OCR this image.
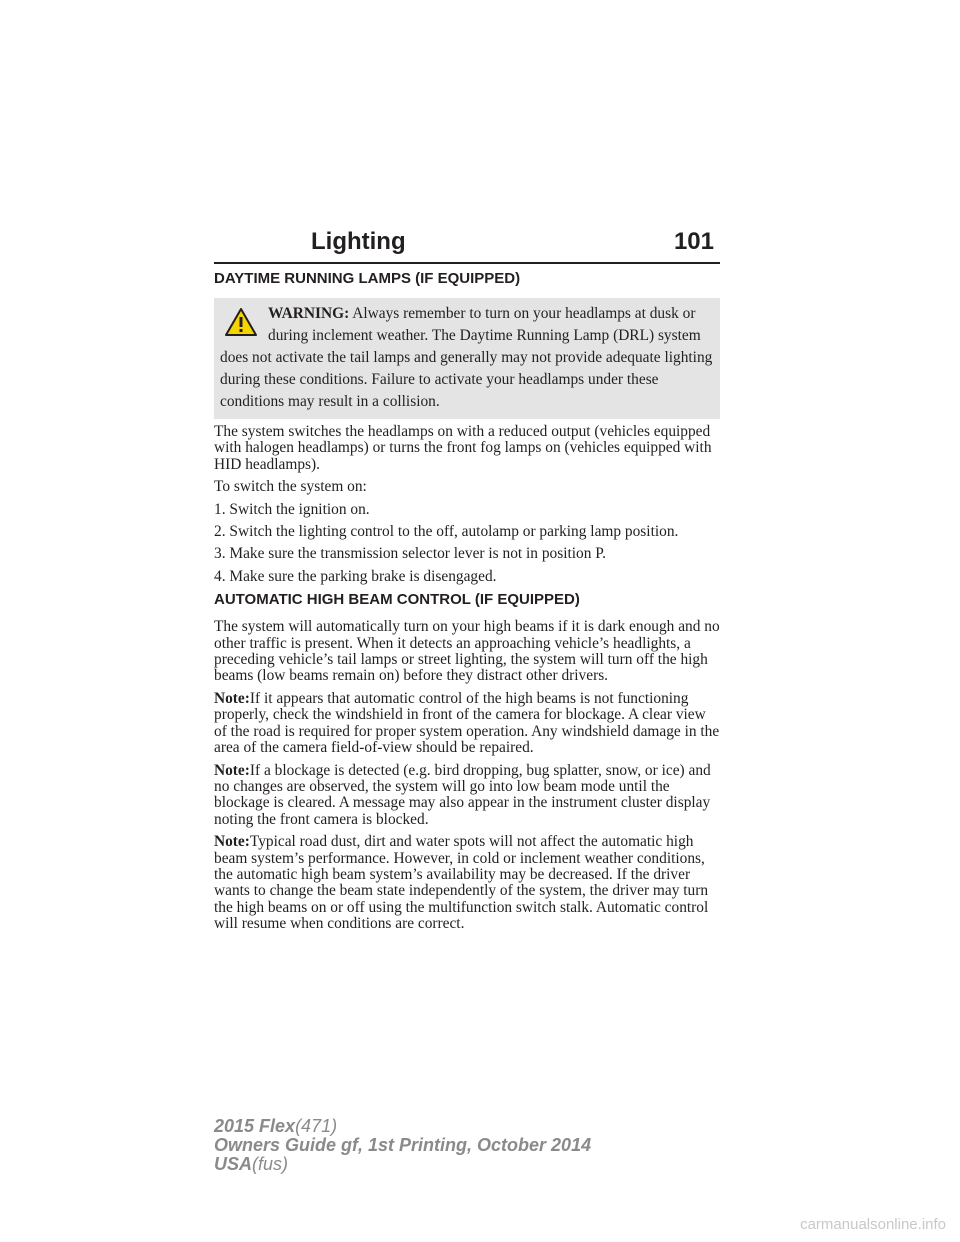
Lighting	101
DAYTIME RUNNING LAMPS (IF EQUIPPED)
WARNING: Always remember to turn on your headlamps at dusk or during inclement weather. The Daytime Running Lamp (DRL) system does not activate the tail lamps and generally may not provide adequate lighting during these conditions. Failure to activate your headlamps under these conditions may result in a collision.

The system switches the headlamps on with a reduced output (vehicles equipped with halogen headlamps) or turns the front fog lamps on (vehicles equipped with HID headlamps).

To switch the system on:

1. Switch the ignition on.

2. Switch the lighting control to the off, autolamp or parking lamp position.

3. Make sure the transmission selector lever is not in position P.

4. Make sure the parking brake is disengaged.

AUTOMATIC HIGH BEAM CONTROL (IF EQUIPPED)

The system will automatically turn on your high beams if it is dark enough and no other traffic is present. When it detects an approaching vehicle’s headlights, a preceding vehicle’s tail lamps or street lighting, the system will turn off the high beams (low beams remain on) before they distract other drivers.

Note:If it appears that automatic control of the high beams is not functioning properly, check the windshield in front of the camera for blockage. A clear view of the road is required for proper system operation. Any windshield damage in the area of the camera field-of-view should be repaired.

Note:If a blockage is detected (e.g. bird dropping, bug splatter, snow, or ice) and no changes are observed, the system will go into low beam mode until the blockage is cleared. A message may also appear in the instrument cluster display noting the front camera is blocked.

Note:Typical road dust, dirt and water spots will not affect the automatic high beam system’s performance. However, in cold or inclement weather conditions, the automatic high beam system’s availability may be decreased. If the driver wants to change the beam state independently of the system, the driver may turn the high beams on or off using the multifunction switch stalk. Automatic control will resume when conditions are correct.

2015 Flex(471)
Owners Guide gf, 1st Printing, October 2014
USA(fus)
carmanualsonline.info
